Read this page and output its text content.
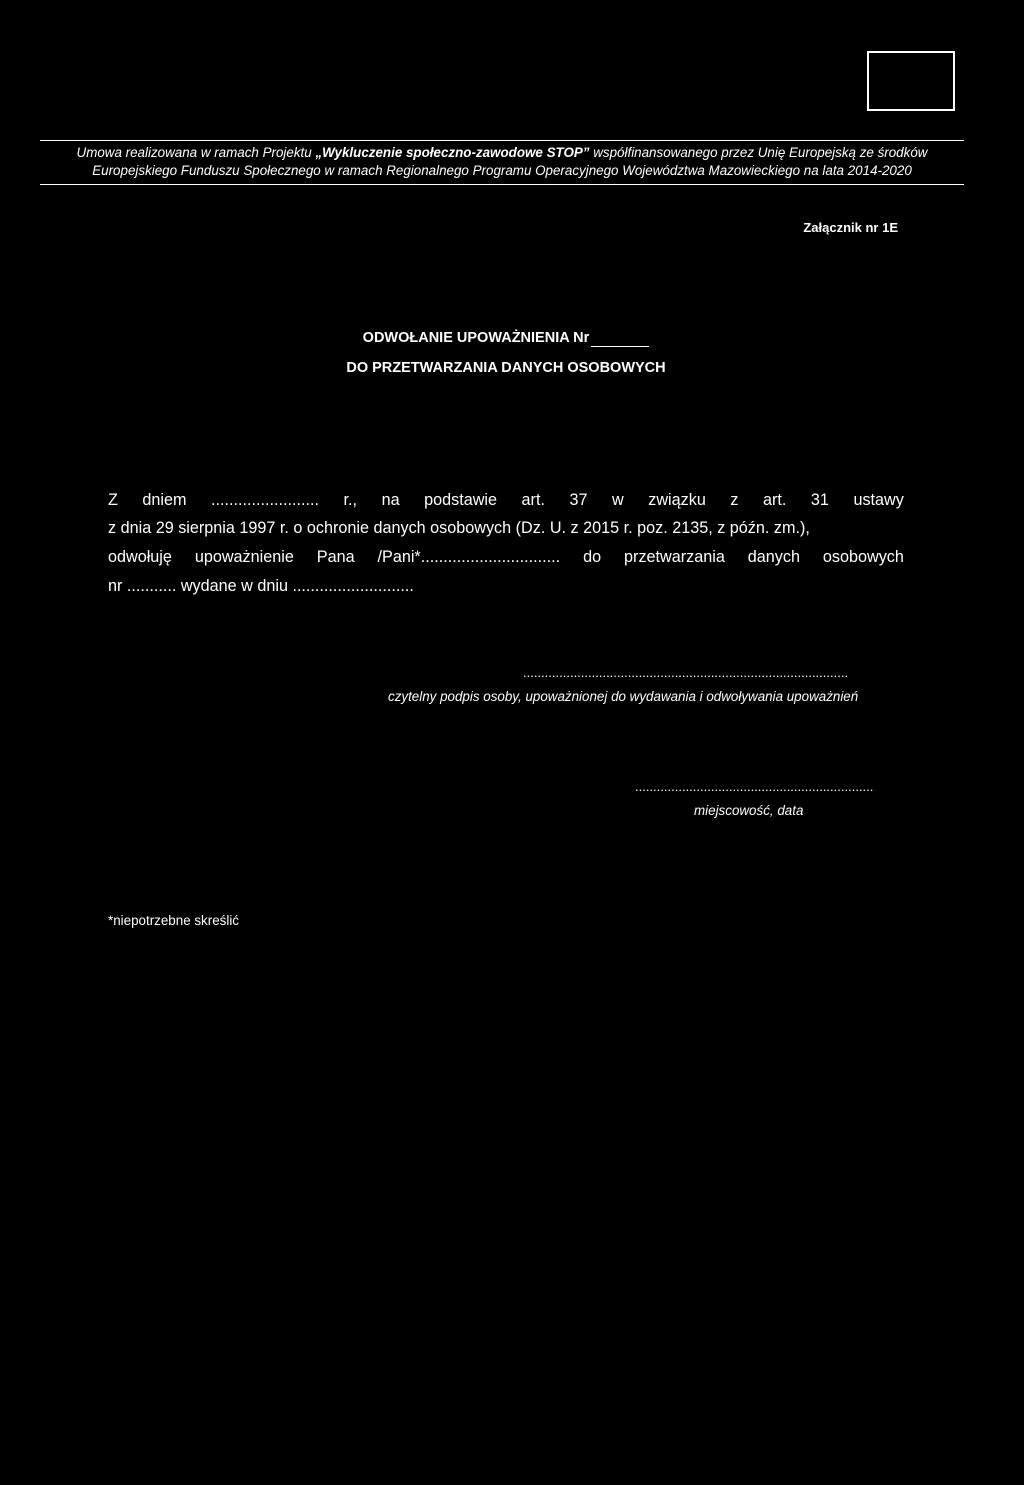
Umowa realizowana w ramach Projektu „Wykluczenie społeczno-zawodowe STOP” współfinansowanego przez Unię Europejską ze środków
Europejskiego Funduszu Społecznego w ramach Regionalnego Programu Operacyjnego Województwa Mazowieckiego na lata 2014-2020
Załącznik nr 1E
ODWOŁANIE UPOWAŻNIENIA Nr
DO PRZETWARZANIA DANYCH OSOBOWYCH
Z dniem ........................ r., na podstawie art. 37 w związku z art. 31 ustawy
z dnia 29 sierpnia 1997 r. o ochronie danych osobowych (Dz. U. z 2015 r. poz. 2135, z późn. zm.),
odwołuję upoważnienie Pana /Pani*............................... do przetwarzania danych osobowych
nr ........... wydane w dniu ...........................
..........................................................................................
czytelny podpis osoby, upoważnionej do wydawania i odwoływania upoważnień
..................................................................
miejscowość, data
*niepotrzebne skreślić
